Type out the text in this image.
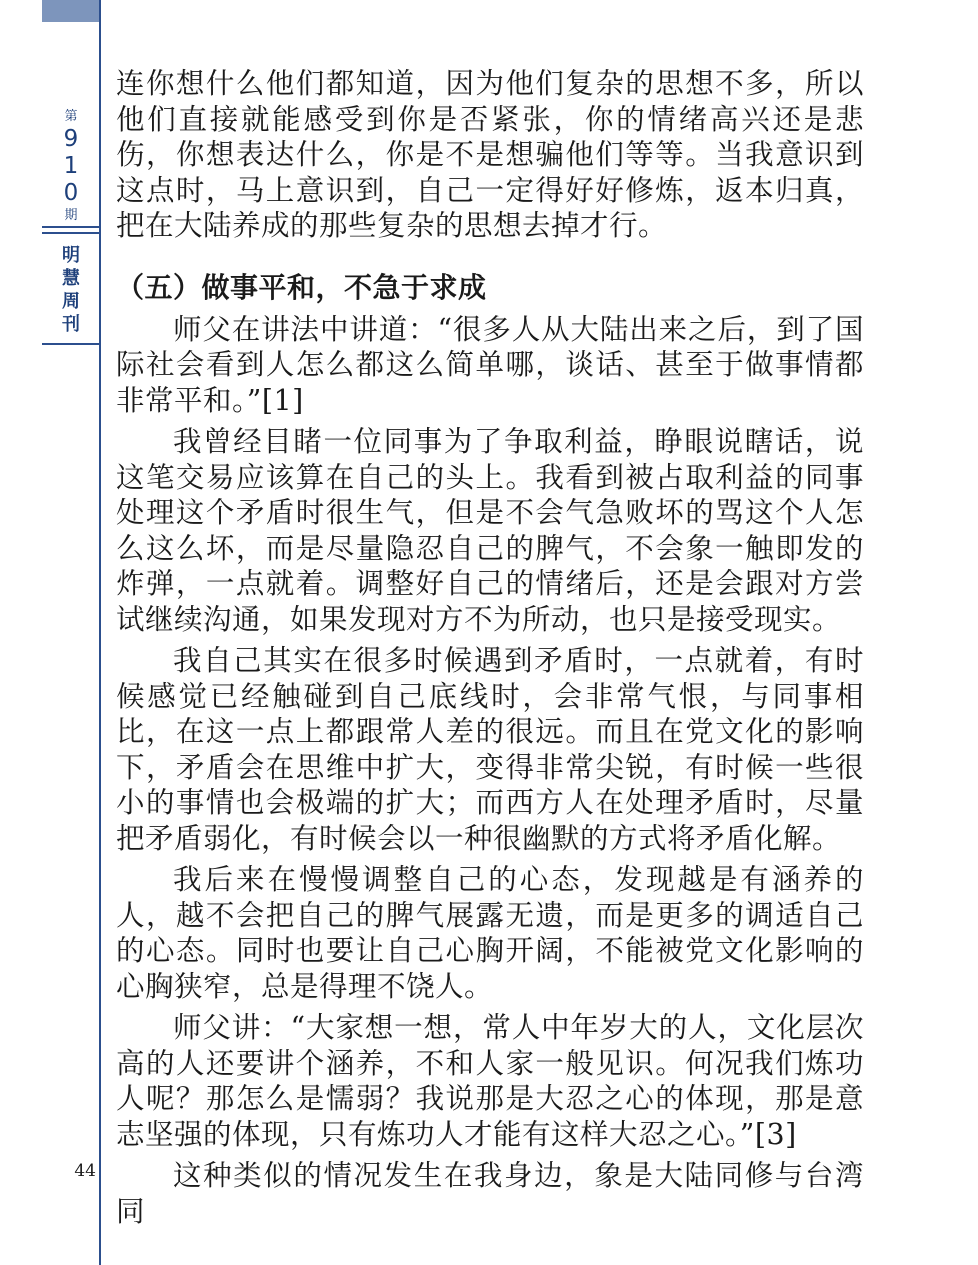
第
9
1
0
期
明
慧
周
刊
44

连你想什么他们都知道，因为他们复杂的思想不多，所以他们直接就能感受到你是否紧张，你的情绪高兴还是悲伤，你想表达什么，你是不是想骗他们等等。当我意识到这点时，马上意识到，自己一定得好好修炼，返本归真，把在大陆养成的那些复杂的思想去掉才行。

（五）做事平和，不急于求成

师父在讲法中讲道：“很多人从大陆出来之后，到了国际社会看到人怎么都这么简单哪，谈话、甚至于做事情都非常平和。”[1]

我曾经目睹一位同事为了争取利益，睁眼说瞎话，说这笔交易应该算在自己的头上。我看到被占取利益的同事处理这个矛盾时很生气，但是不会气急败坏的骂这个人怎么这么坏，而是尽量隐忍自己的脾气，不会象一触即发的炸弹，一点就着。调整好自己的情绪后，还是会跟对方尝试继续沟通，如果发现对方不为所动，也只是接受现实。

我自己其实在很多时候遇到矛盾时，一点就着，有时候感觉已经触碰到自己底线时，会非常气恨，与同事相比，在这一点上都跟常人差的很远。而且在党文化的影响下，矛盾会在思维中扩大，变得非常尖锐，有时候一些很小的事情也会极端的扩大；而西方人在处理矛盾时，尽量把矛盾弱化，有时候会以一种很幽默的方式将矛盾化解。

我后来在慢慢调整自己的心态，发现越是有涵养的人，越不会把自己的脾气展露无遗，而是更多的调适自己的心态。同时也要让自己心胸开阔，不能被党文化影响的心胸狭窄，总是得理不饶人。

师父讲：“大家想一想，常人中年岁大的人，文化层次高的人还要讲个涵养，不和人家一般见识。何况我们炼功人呢？那怎么是懦弱？我说那是大忍之心的体现，那是意志坚强的体现，只有炼功人才能有这样大忍之心。”[3]

这种类似的情况发生在我身边，象是大陆同修与台湾同
